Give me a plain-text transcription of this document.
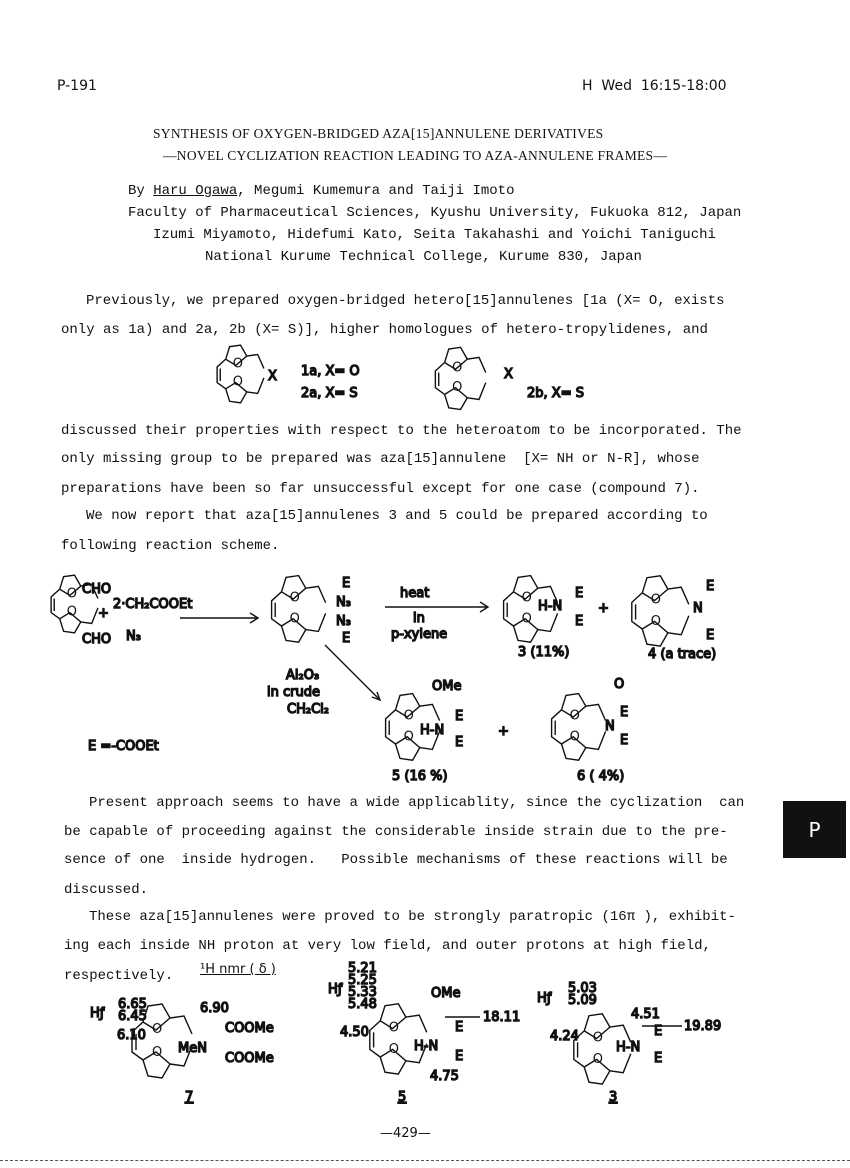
P-191	H  Wed  16:15-18:00
SYNTHESIS OF OXYGEN-BRIDGED AZA[15]ANNULENE DERIVATIVES
—NOVEL CYCLIZATION REACTION LEADING TO AZA-ANNULENE FRAMES—
By Haru Ogawa, Megumi Kumemura and Taiji Imoto
Faculty of Pharmaceutical Sciences, Kyushu University, Fukuoka 812, Japan
Izumi Miyamoto, Hidefumi Kato, Seita Takahashi and Yoichi Taniguchi
National Kurume Technical College, Kurume 830, Japan
Previously, we prepared oxygen-bridged hetero[15]annulenes [1a (X= O, exists
only as 1a) and 2a, 2b (X= S)], higher homologues of hetero-tropylidenes, and
discussed their properties with respect to the heteroatom to be incorporated. The
only missing group to be prepared was aza[15]annulene  [X= NH or N-R], whose
preparations have been so far unsuccessful except for one case (compound 7).
We now report that aza[15]annulenes 3 and 5 could be prepared according to
following reaction scheme.
Present approach seems to have a wide applicablity, since the cyclization  can
be capable of proceeding against the considerable inside strain due to the pre-
sence of one  inside hydrogen.   Possible mechanisms of these reactions will be
discussed.
These aza[15]annulenes were proved to be strongly paratropic (16π ), exhibit-
ing each inside NH proton at very low field, and outer protons at high field,
respectively. ¹H nmr ( δ )
—429—
P
1a, X= O
2a, X= S	2b, X= S
X	X
CHO
CHO
+
2·CH₂COOEt
N₃
E
N₃
N₃
E
heat
in
p-xylene
E
E
H-N	+
3 (11%)
E
N
E
4 (a trace)
Al₂O₃
in crude
CH₂Cl₂
OMe
E
H-N
E
+
5 (16 %)
O
E
N
E
6 ( 4%)
E =-COOEt
Hƒ
6.65
6.45
6.90
6.10
MeN
COOMe
COOMe
7
Hƒ
5.21
5.25
5.33
5.48
OMe
18.11
4.50	E
H-N
E
4.75
5
Hƒ
5.03
5.09
4.51
19.89
4.24	E
H-N
E
3
O
O
O
O
O
O
O
O
O
O
O
O
O
O
O
O
O
O
O
O
O
O
